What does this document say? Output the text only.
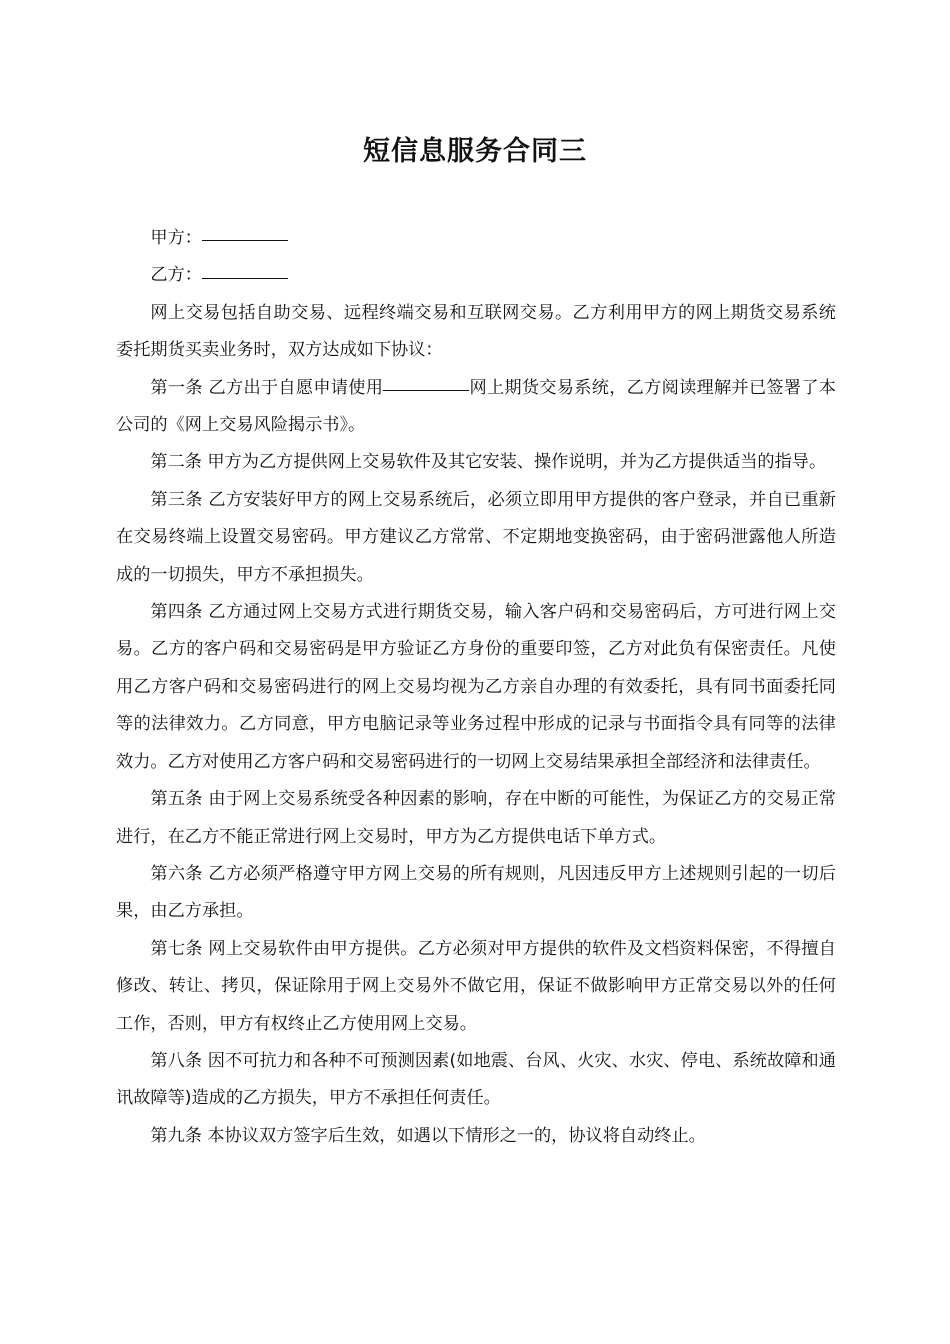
短信息服务合同三

甲方：

乙方：

网上交易包括自助交易、远程终端交易和互联网交易。乙方利用甲方的网上期货交易系统委托期货买卖业务时，双方达成如下协议：

第一条 乙方出于自愿申请使用	网上期货交易系统，乙方阅读理解并已签署了本公司的《网上交易风险揭示书》。

第二条 甲方为乙方提供网上交易软件及其它安装、操作说明，并为乙方提供适当的指导。

第三条 乙方安装好甲方的网上交易系统后，必须立即用甲方提供的客户登录，并自已重新在交易终端上设置交易密码。甲方建议乙方常常、不定期地变换密码，由于密码泄露他人所造成的一切损失，甲方不承担损失。

第四条 乙方通过网上交易方式进行期货交易，输入客户码和交易密码后，方可进行网上交易。乙方的客户码和交易密码是甲方验证乙方身份的重要印签，乙方对此负有保密责任。凡使用乙方客户码和交易密码进行的网上交易均视为乙方亲自办理的有效委托，具有同书面委托同等的法律效力。乙方同意，甲方电脑记录等业务过程中形成的记录与书面指令具有同等的法律效力。乙方对使用乙方客户码和交易密码进行的一切网上交易结果承担全部经济和法律责任。

第五条 由于网上交易系统受各种因素的影响，存在中断的可能性，为保证乙方的交易正常进行，在乙方不能正常进行网上交易时，甲方为乙方提供电话下单方式。

第六条 乙方必须严格遵守甲方网上交易的所有规则，凡因违反甲方上述规则引起的一切后果，由乙方承担。

第七条 网上交易软件由甲方提供。乙方必须对甲方提供的软件及文档资料保密，不得擅自修改、转让、拷贝，保证除用于网上交易外不做它用，保证不做影响甲方正常交易以外的任何工作，否则，甲方有权终止乙方使用网上交易。

第八条 因不可抗力和各种不可预测因素(如地震、台风、火灾、水灾、停电、系统故障和通讯故障等)造成的乙方损失，甲方不承担任何责任。

第九条 本协议双方签字后生效，如遇以下情形之一的，协议将自动终止。
